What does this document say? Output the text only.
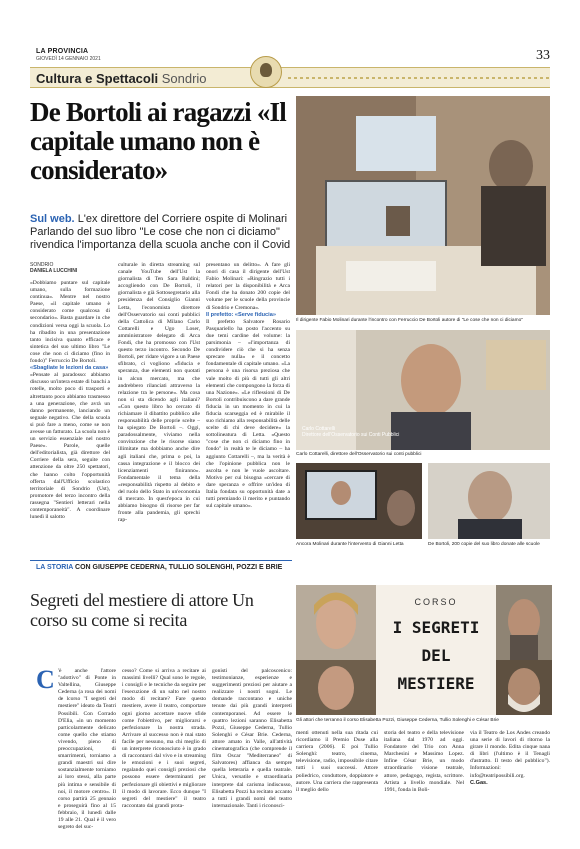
LA PROVINCIA
GIOVEDÌ 14 GENNAIO 2021	33
Cultura e Spettacoli Sondrio
De Bortoli ai ragazzi «Il capitale umano non è considerato»
Sul web. L'ex direttore del Corriere ospite di Molinari Parlando del suo libro "Le cose che non ci diciamo" rivendica l'importanza della scuola anche con il Covid
SONDRIO
DANIELA LUCCHINI

«Dobbiamo puntare sul capitale umano, sulla formazione continua». Mentre nel nostro Paese, «il capitale umano è considerato come qualcosa di secondario». Basta guardare in che condizioni versa oggi la scuola. Lo ha ribadito in una presentazione tanto incisiva quanto efficace e sintetica del suo ultimo libro "Le cose che non ci diciamo (fino in fondo)" Ferruccio De Bortoli.

«Sbagliate le lezioni da casa»

«Pensate al paradosso: abbiamo discusso un'intera estate di banchi a rotelle, molto poco di trasporti e altrettanto poco abbiamo trasmesso a una generazione, che avrà un danno permanente, lanciando un segnale negativo. Che della scuola si può fare a meno, come se non avesse un fatturato. La scuola non è un servizio essenziale nel nostro Paese». Parole, quelle dell'editorialista, già direttore del Corriere della sera, seguite con attenzione da oltre 250 spettatori, che hanno colto l'opportunità offerta dall'Ufficio scolastico territoriale di Sondrio (Ust), promotore del terzo incontro della rassegna "Sentieri letterari nella contemporaneità". A coordinare lunedì il salotto

culturale in diretta streaming sul canale YouTube dell'Ust la giornalista di Ten Sara Baldini; accogliendo con De Bortoli, il giornalista e già Sottosegretario alla presidenza del Consiglio Gianni Letta, l'economista direttore dell'Osservatorio sui conti pubblici della Cattolica di Milano Carlo Cottarelli e Ugo Loser, amministratore delegato di Arca Fondi, che ha promosso con l'Ust questo terzo incontro. Secondo De Bortoli, per ridare vigore a un Paese sfibrato, ci vogliono «fiducia e speranza, due elementi non quotati in alcun mercato, ma che andrebbero rilanciati attraverso la relazione tra le persone». Ma cosa non si sta dicendo agli italiani? «Con questo libro ho cercato di richiamare il dibattito pubblico alle responsabilità delle proprie scelte – ha spiegato De Bortoli –. Oggi, paradossalmente, viviamo nella convinzione che le risorse siano illimitate ma dobbiamo anche dire agli italiani che, prima o poi, la cassa integrazione e il blocco dei licenziamenti finiranno». Fondamentale il tema della «responsabilità rispetto al debito e del ruolo dello Stato in un'economia di mercato. In quest'epoca in cui abbiamo bisogno di risorse per far fronte alla pandemia, gli sprechi rap-

presentano un delitto». A fare gli onori di casa il dirigente dell'Ust Fabio Molinari: «Ringrazio tutti i relatori per la disponibilità e Arca Fondi che ha donato 200 copie del volume per le scuole della provincie di Sondrio e Cremona».

Il prefetto: «Serve fiducia»

Il prefetto Salvatore Rosario Pasquariello ha posto l'accento su due temi cardine del volume: la parsimonia – «l'importanza di condividere ciò che si ha senza sprecare nulla» e il concetto fondamentale di capitale umano. «La persona è una risorsa preziosa che vale molto di più di tutti gli altri elementi che compongono la forza di una Nazione». «Le riflessioni di De Bortoli contribuiscono a dare grande fiducia in un momento in cui la fiducia scarseggia ed è mirabile il suo richiamo alla responsabilità delle scelte di chi deve decidere» la sottolineatura di Letta. «Questo "cose che non ci diciamo fino in fondo" in realtà te le diciamo – ha aggiunto Cottarelli –, ma la verità è che l'opinione pubblica non le ascolta e non le vuole ascoltare. Motivo per cui bisogna «cercare di dare speranza e offrire un'idea di Italia fondata su opportunità date a tutti premiando il merito e puntando sul capitale umano».

Il dirigente Fabio Molinari durante l'incontro con Ferruccio De Bortoli autore di "Le cose che non ci diciamo"
Carlo Cottarelli
Direttore dell'Osservatorio sui Conti Pubblici
Carlo Cottarelli, direttore dell'Osservatorio sui conti pubblici
Ancora Molinari durante l'intervento di Gianni Letta	De Bortoli, 200 copie del suo libro donate alle scuole
LA STORIA CON GIUSEPPE CEDERNA, TULLIO SOLENGHI, POZZI E BRIE
Segreti del mestiere di attore Un corso su come si recita
C 'è anche l'attore "adottivo" di Ponte in Valtellina, Giuseppe Cederna (a rosa dei nomi de lcorso "I segreti del mestiere" ideato da Teatri Possibili. Con Corrado D'Elia, «in un momento particolarmente delicato come quello che stiamo vivendo, pieno di preoccupazioni, di smarrimenti, torniamo a grandi maestri sui dire sostanzialmente torniamo ai loro stessi, alla parte più intima e sensibile di noi, il motore centro». Il corso partirà 25 gennaio e proseguirà fino al 15 febbraio, il lunedì dalle 19 alle 21. Qual è il vero segreto del suc-
cesso? Come si arriva a recitare ai massimi livelli? Qual sono le regole, i consigli e le tecniche da seguire per l'esecuzione di un salto nel nostro modo di recitare? Fare questo mestiere, avere il teatro, comportare ogni giorno accettare nuove sfide come l'obiettivo, per migliorarsi e perfezionare la nostra strada. Arrivare al successo non è mai stato facile per nessuno, ma chi meglio di un interprete riconosciuto è in grado di raccontarci dal vivo e in streaming le emozioni e i suoi segreti, regalando quei consigli preziosi che possono essere determinanti per perfezionare gli obiettivi e migliorare il modo di lavorare. Ecco dunque "I segreti del mestiere" il teatro raccontato dai grandi prota-
gonisti del palcoscenico: testimonianze, esperienze e suggerimenti preziosi per aiutare a realizzare i nostri sogni. Le domande raccontano e uniche tenute dai più grandi interpreti contemporanei. Ad essere le quattro lezioni saranno Elisabetta Pozzi, Giuseppe Cederna, Tullio Solenghi e César Brie. Cederna, attore amato in Valle, all'attività cinematografica (che comprende il film Oscar "Mediterraneo" di Salvatores) affianca da sempre quella letteraria e quella teatrale. Unica, versatile e straordinaria interprete dal carisma indiscusso, Elisabetta Pozzi ha recitato accanto a tutti i grandi nomi del teatro internazionale. Tanti i riconosci-
menti ottenuti nella sua ritada cui ricordiamo il Premio Duse alla carriera (2006). E poi Tullio Solenghi: teatro, cinema, televisione, radio, impossibile citare tutti i suoi successi. Attore poliedrico, conduttore, doppiatore e autore. Una carriera che rappresenta il meglio dello
storia del teatro e della televisione italiana dal 1970 ad oggi. Fondatore del Trio con Anna Marchesini e Massimo Lopez. Infine César Brie, un modo straordinario visione teatrale, attore, pedagogo, regista, scrittore. Artista a livello mondiale. Nel 1991, fonda in Boli-
via il Teatro de Los Andes creando una serie di lavori di ritorno la girare il mondo. Edita cinque nana di libri (l'ultimo è il Tenagli d'astratto. Il testo del pubblico"). Informazioni: info@teatripossibili.org.
C.Gas.
CORSO
I SEGRETI
DEL
MESTIERE
Gli attori che terranno il corso Elisabetta Pozzi, Giuseppe Cederna, Tullio Solenghi e César Brie
